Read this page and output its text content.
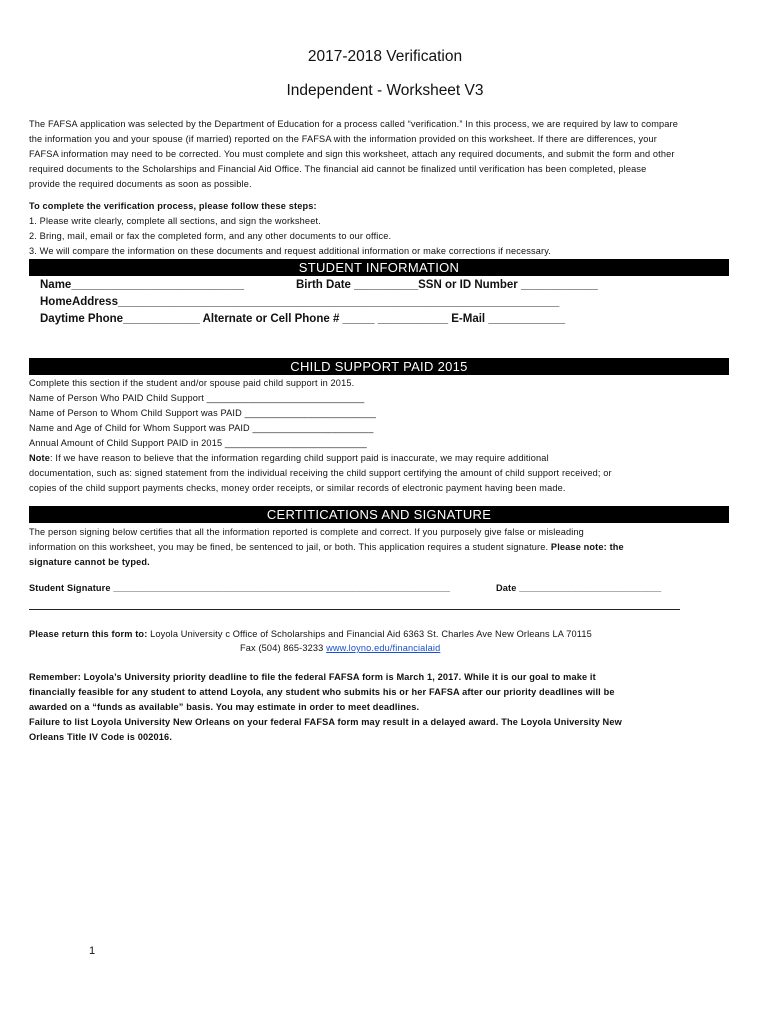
2017-2018 Verification
Independent - Worksheet V3
The FAFSA application was selected by the Department of Education for a process called “verification.” In this process, we are required by law to compare
the information you and your spouse (if married) reported on the FAFSA with the information provided on this worksheet. If there are differences, your
FAFSA information may need to be corrected. You must complete and sign this worksheet, attach any required documents, and submit the form and other
required documents to the Scholarships and Financial Aid Office. The financial aid cannot be finalized until verification has been completed, please
provide the required documents as soon as possible.
To complete the verification process, please follow these steps:
1. Please write clearly, complete all sections, and sign the worksheet.
2. Bring, mail, email or fax the completed form, and any other documents to our office.
3. We will compare the information on these documents and request additional information or make corrections if necessary.
STUDENT INFORMATION
Name___________________________	Birth Date __________SSN or ID Number ____________
HomeAddress_____________________________________________________________________
Daytime Phone____________ Alternate or Cell Phone # _____ ___________ E-Mail ____________
CHILD SUPPORT PAID 2015
Complete this section if the student and/or spouse paid child support in 2015.
Name of Person Who PAID Child Support ______________________________
Name of Person to Whom Child Support was PAID _________________________
Name and Age of Child for Whom Support was PAID _______________________
Annual Amount of Child Support PAID in 2015 ___________________________
Note: If we have reason to believe that the information regarding child support paid is inaccurate, we may require additional
documentation, such as: signed statement from the individual receiving the child support certifying the amount of child support received; or
copies of the child support payments checks, money order receipts, or similar records of electronic payment having been made.
CERTITICATIONS AND SIGNATURE
The person signing below certifies that all the information reported is complete and correct. If you purposely give false or misleading
information on this worksheet, you may be fined, be sentenced to jail, or both. This application requires a student signature. Please note: the
signature cannot be typed.
Student Signature ________________________________________________________________	Date ___________________________
Please return this form to: Loyola University c Office of Scholarships and Financial Aid 6363 St. Charles Ave New Orleans LA 70115
Fax (504) 865-3233 www.loyno.edu/financialaid
Remember: Loyola’s University priority deadline to file the federal FAFSA form is March 1, 2017. While it is our goal to make it
financially feasible for any student to attend Loyola, any student who submits his or her FAFSA after our priority deadlines will be
awarded on a “funds as available” basis. You may estimate in order to meet deadlines.
Failure to list Loyola University New Orleans on your federal FAFSA form may result in a delayed award. The Loyola University New
Orleans Title IV Code is 002016.
1
